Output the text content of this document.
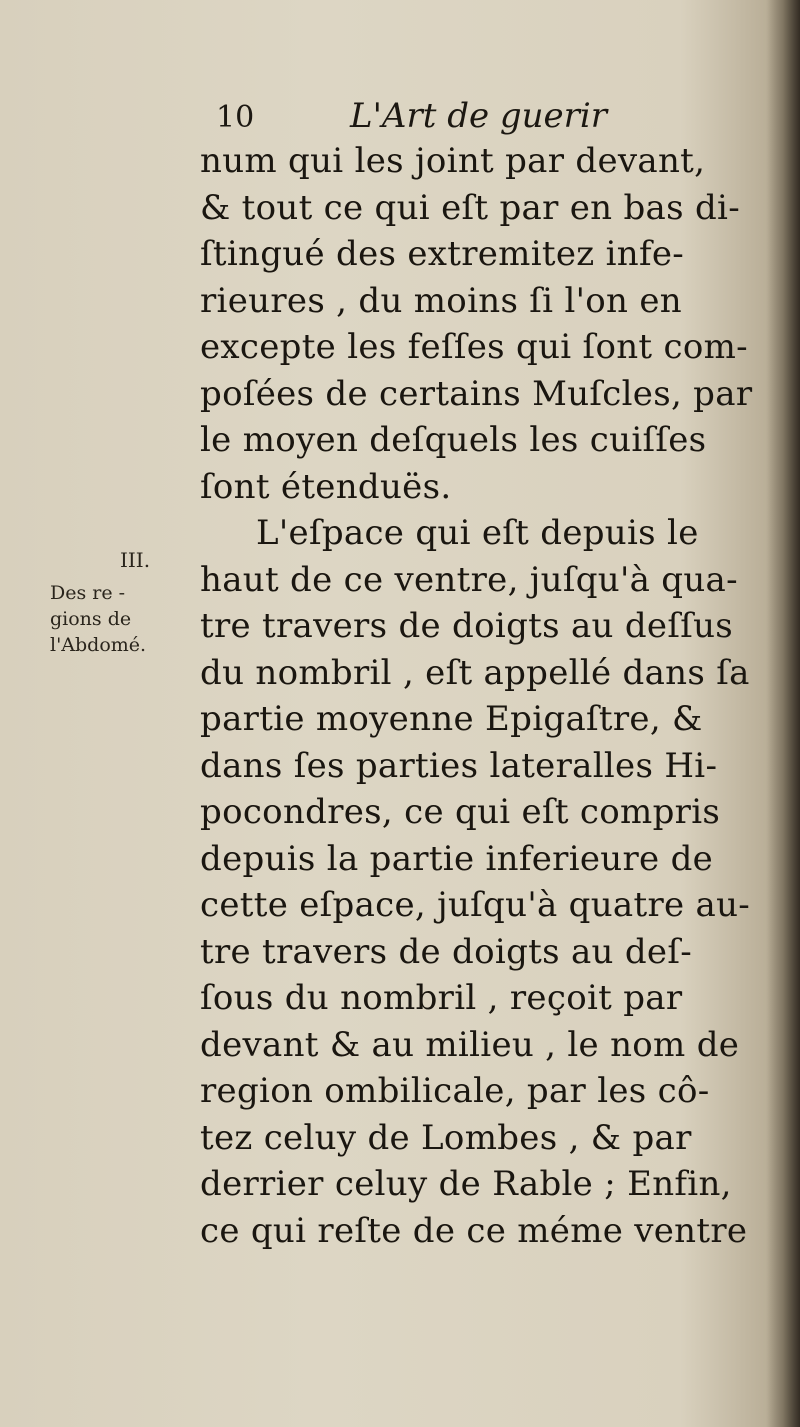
10	L'Art de guerir
III.
Des re -
gions de
l'Abdomé.
num qui les joint par devant,
& tout ce qui eſt par en bas di-
ſtingué des extremitez infe-
rieures , du moins ſi l'on en
excepte les feſſes qui ſont com-
poſées de certains Muſcles, par
le moyen deſquels les cuiſſes
ſont étenduës.
L'eſpace qui eſt depuis le
haut de ce ventre, juſqu'à qua-
tre travers de doigts au deſſus
du nombril , eſt appellé dans ſa
partie moyenne Epigaſtre, &
dans ſes parties lateralles Hi-
pocondres, ce qui eſt compris
depuis la partie inferieure de
cette eſpace, juſqu'à quatre au-
tre travers de doigts au deſ-
ſous du nombril , reçoit par
devant & au milieu , le nom de
region ombilicale, par les cô-
tez celuy de Lombes , & par
derrier celuy de Rable ; Enfin,
ce qui reſte de ce méme ventre
